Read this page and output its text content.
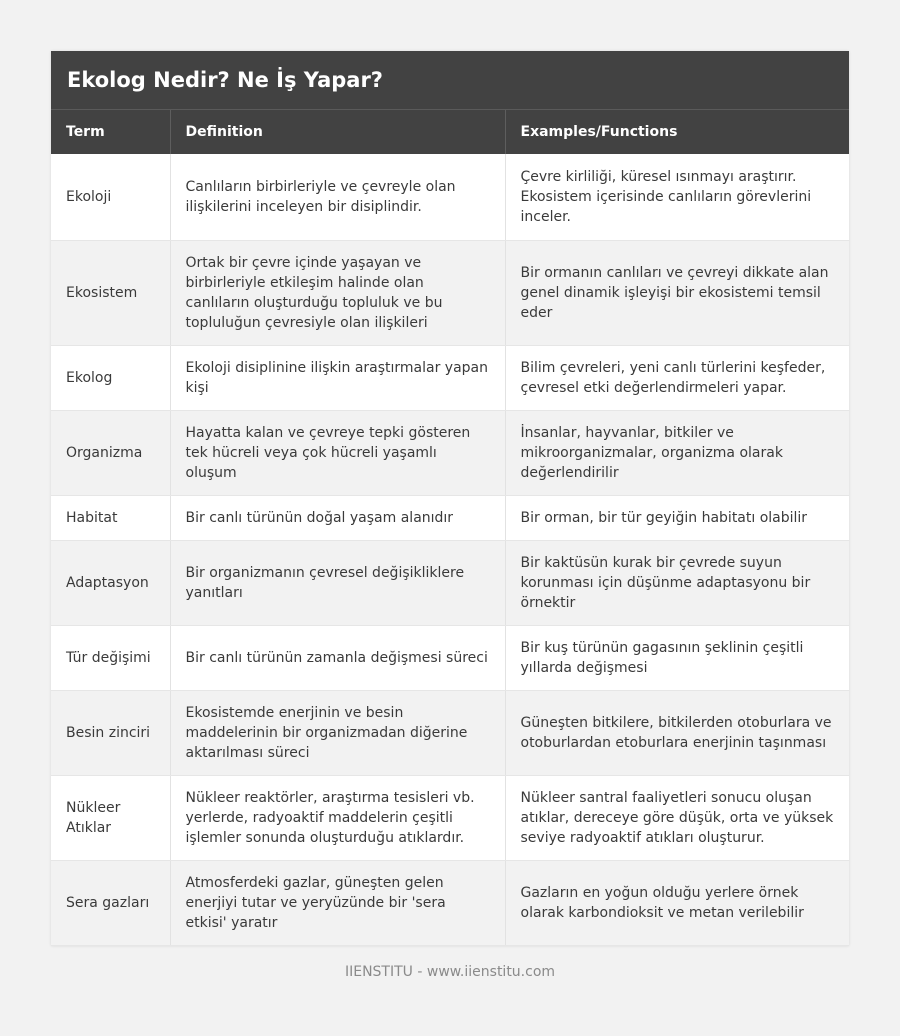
Ekolog Nedir? Ne İş Yapar?
Term	Definition	Examples/Functions
Ekoloji	Canlıların birbirleriyle ve çevreyle olan ilişkilerini inceleyen bir disiplindir.	Çevre kirliliği, küresel ısınmayı araştırır. Ekosistem içerisinde canlıların görevlerini inceler.
Ekosistem	Ortak bir çevre içinde yaşayan ve birbirleriyle etkileşim halinde olan canlıların oluşturduğu topluluk ve bu topluluğun çevresiyle olan ilişkileri	Bir ormanın canlıları ve çevreyi dikkate alan genel dinamik işleyişi bir ekosistemi temsil eder
Ekolog	Ekoloji disiplinine ilişkin araştırmalar yapan kişi	Bilim çevreleri, yeni canlı türlerini keşfeder, çevresel etki değerlendirmeleri yapar.
Organizma	Hayatta kalan ve çevreye tepki gösteren tek hücreli veya çok hücreli yaşamlı oluşum	İnsanlar, hayvanlar, bitkiler ve mikroorganizmalar, organizma olarak değerlendirilir
Habitat	Bir canlı türünün doğal yaşam alanıdır	Bir orman, bir tür geyiğin habitatı olabilir
Adaptasyon	Bir organizmanın çevresel değişikliklere yanıtları	Bir kaktüsün kurak bir çevrede suyun korunması için düşünme adaptasyonu bir örnektir
Tür değişimi	Bir canlı türünün zamanla değişmesi süreci	Bir kuş türünün gagasının şeklinin çeşitli yıllarda değişmesi
Besin zinciri	Ekosistemde enerjinin ve besin maddelerinin bir organizmadan diğerine aktarılması süreci	Güneşten bitkilere, bitkilerden otoburlara ve otoburlardan etoburlara enerjinin taşınması
Nükleer Atıklar	Nükleer reaktörler, araştırma tesisleri vb. yerlerde, radyoaktif maddelerin çeşitli işlemler sonunda oluşturduğu atıklardır.	Nükleer santral faaliyetleri sonucu oluşan atıklar, dereceye göre düşük, orta ve yüksek seviye radyoaktif atıkları oluşturur.
Sera gazları	Atmosferdeki gazlar, güneşten gelen enerjiyi tutar ve yeryüzünde bir 'sera etkisi' yaratır	Gazların en yoğun olduğu yerlere örnek olarak karbondioksit ve metan verilebilir
IIENSTITU - www.iienstitu.com
